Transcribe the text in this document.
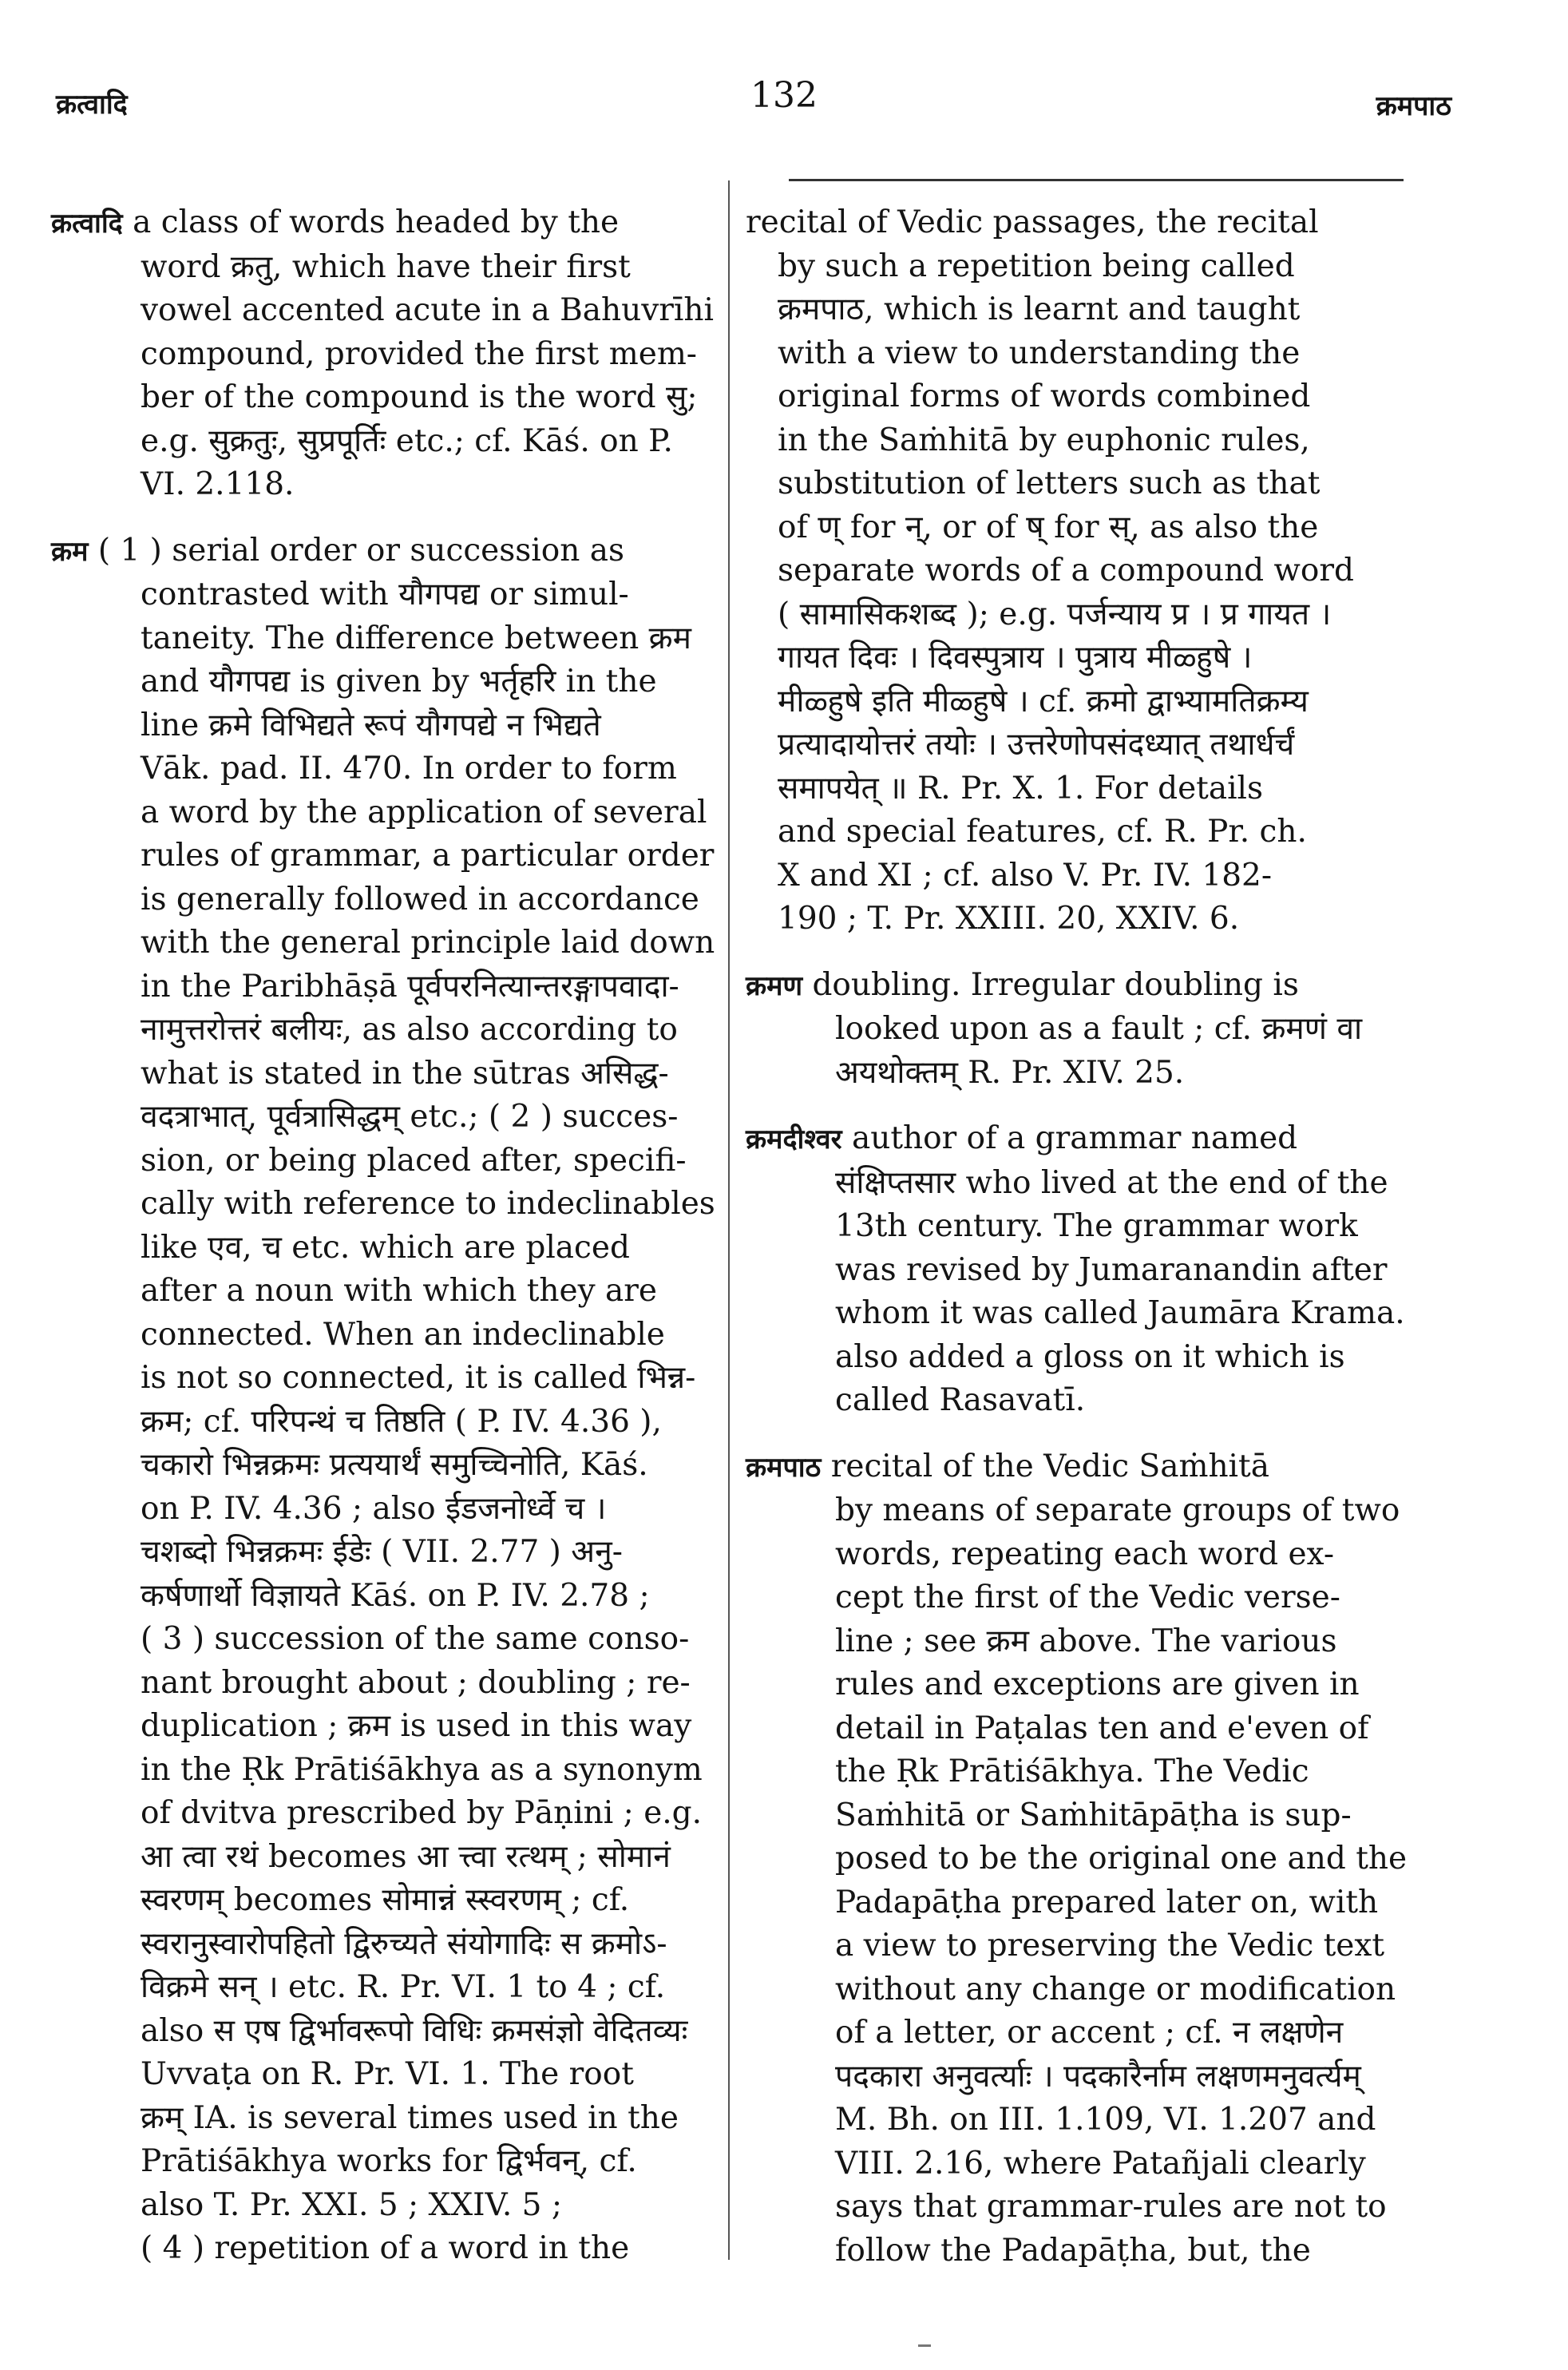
क्रत्वादि	132	क्रमपाठ
क्रत्वादि a class of words headed by the
word क्रतु, which have their first
vowel accented acute in a Bahuvrīhi
compound, provided the first mem-
ber of the compound is the word सु;
e.g. सुक्रतुः, सुप्रपूर्तिः etc.; cf. Kāś. on P.
VI. 2.118.
क्रम ( 1 ) serial order or succession as
contrasted with यौगपद्य or simul-
taneity. The difference between क्रम
and यौगपद्य is given by भर्तृहरि in the
line क्रमे विभिद्यते रूपं यौगपद्ये न भिद्यते
Vāk. pad. II. 470. In order to form
a word by the application of several
rules of grammar, a particular order
is generally followed in accordance
with the general principle laid down
in the Paribhāṣā पूर्वपरनित्यान्तरङ्गापवादा-
नामुत्तरोत्तरं बलीयः, as also according to
what is stated in the sūtras असिद्ध-
वदत्राभात्, पूर्वत्रासिद्धम् etc.; ( 2 ) succes-
sion, or being placed after, specifi-
cally with reference to indeclinables
like एव, च etc. which are placed
after a noun with which they are
connected. When an indeclinable
is not so connected, it is called भिन्न-
क्रम; cf. परिपन्थं च तिष्ठति ( P. IV. 4.36 ),
चकारो भिन्नक्रमः प्रत्ययार्थं समुच्चिनोति, Kāś.
on P. IV. 4.36 ; also ईडजनोर्ध्वे च ।
चशब्दो भिन्नक्रमः ईडेः ( VII. 2.77 ) अनु-
कर्षणार्थो विज्ञायते Kāś. on P. IV. 2.78 ;
( 3 ) succession of the same conso-
nant brought about ; doubling ; re-
duplication ; क्रम is used in this way
in the Ṛk Prātiśākhya as a synonym
of dvitva prescribed by Pāṇini ; e.g.
आ त्वा रथं becomes आ त्त्वा रत्थम् ; सोमानं
स्वरणम् becomes सोमान्नं स्स्वरणम् ; cf.
स्वरानुस्वारोपहितो द्विरुच्यते संयोगादिः स क्रमोऽ-
विक्रमे सन् । etc. R. Pr. VI. 1 to 4 ; cf.
also स एष द्विर्भावरूपो विधिः क्रमसंज्ञो वेदितव्यः
Uvvaṭa on R. Pr. VI. 1. The root
क्रम् IA. is several times used in the
Prātiśākhya works for द्विर्भवन्, cf.
also T. Pr. XXI. 5 ; XXIV. 5 ;
( 4 ) repetition of a word in the
recital of Vedic passages, the recital
by such a repetition being called
क्रमपाठ, which is learnt and taught
with a view to understanding the
original forms of words combined
in the Saṁhitā by euphonic rules,
substitution of letters such as that
of ण् for न्, or of ष् for स्, as also the
separate words of a compound word
( सामासिकशब्द ); e.g. पर्जन्याय प्र । प्र गायत ।
गायत दिवः । दिवस्पुत्राय । पुत्राय मीळ्हुषे ।
मीळ्हुषे इति मीळ्हुषे । cf. क्रमो द्वाभ्यामतिक्रम्य
प्रत्यादायोत्तरं तयोः । उत्तरेणोपसंदध्यात् तथार्धर्चं
समापयेत् ॥ R. Pr. X. 1. For details
and special features, cf. R. Pr. ch.
X and XI ; cf. also V. Pr. IV. 182-
190 ; T. Pr. XXIII. 20, XXIV. 6.
क्रमण doubling. Irregular doubling is
looked upon as a fault ; cf. क्रमणं वा
अयथोक्तम् R. Pr. XIV. 25.
क्रमदीश्वर author of a grammar named
संक्षिप्तसार who lived at the end of the
13th century. The grammar work
was revised by Jumaranandin after
whom it was called Jaumāra Krama.
also added a gloss on it which is
called Rasavatī.
क्रमपाठ recital of the Vedic Saṁhitā
by means of separate groups of two
words, repeating each word ex-
cept the first of the Vedic verse-
line ; see क्रम above. The various
rules and exceptions are given in
detail in Paṭalas ten and e'even of
the Ṛk Prātiśākhya. The Vedic
Saṁhitā or Saṁhitāpāṭha is sup-
posed to be the original one and the
Padapāṭha prepared later on, with
a view to preserving the Vedic text
without any change or modification
of a letter, or accent ; cf. न लक्षणेन
पदकारा अनुवर्त्याः । पदकारैर्नाम लक्षणमनुवर्त्यम्
M. Bh. on III. 1.109, VI. 1.207 and
VIII. 2.16, where Patañjali clearly
says that grammar-rules are not to
follow the Padapāṭha, but, the
